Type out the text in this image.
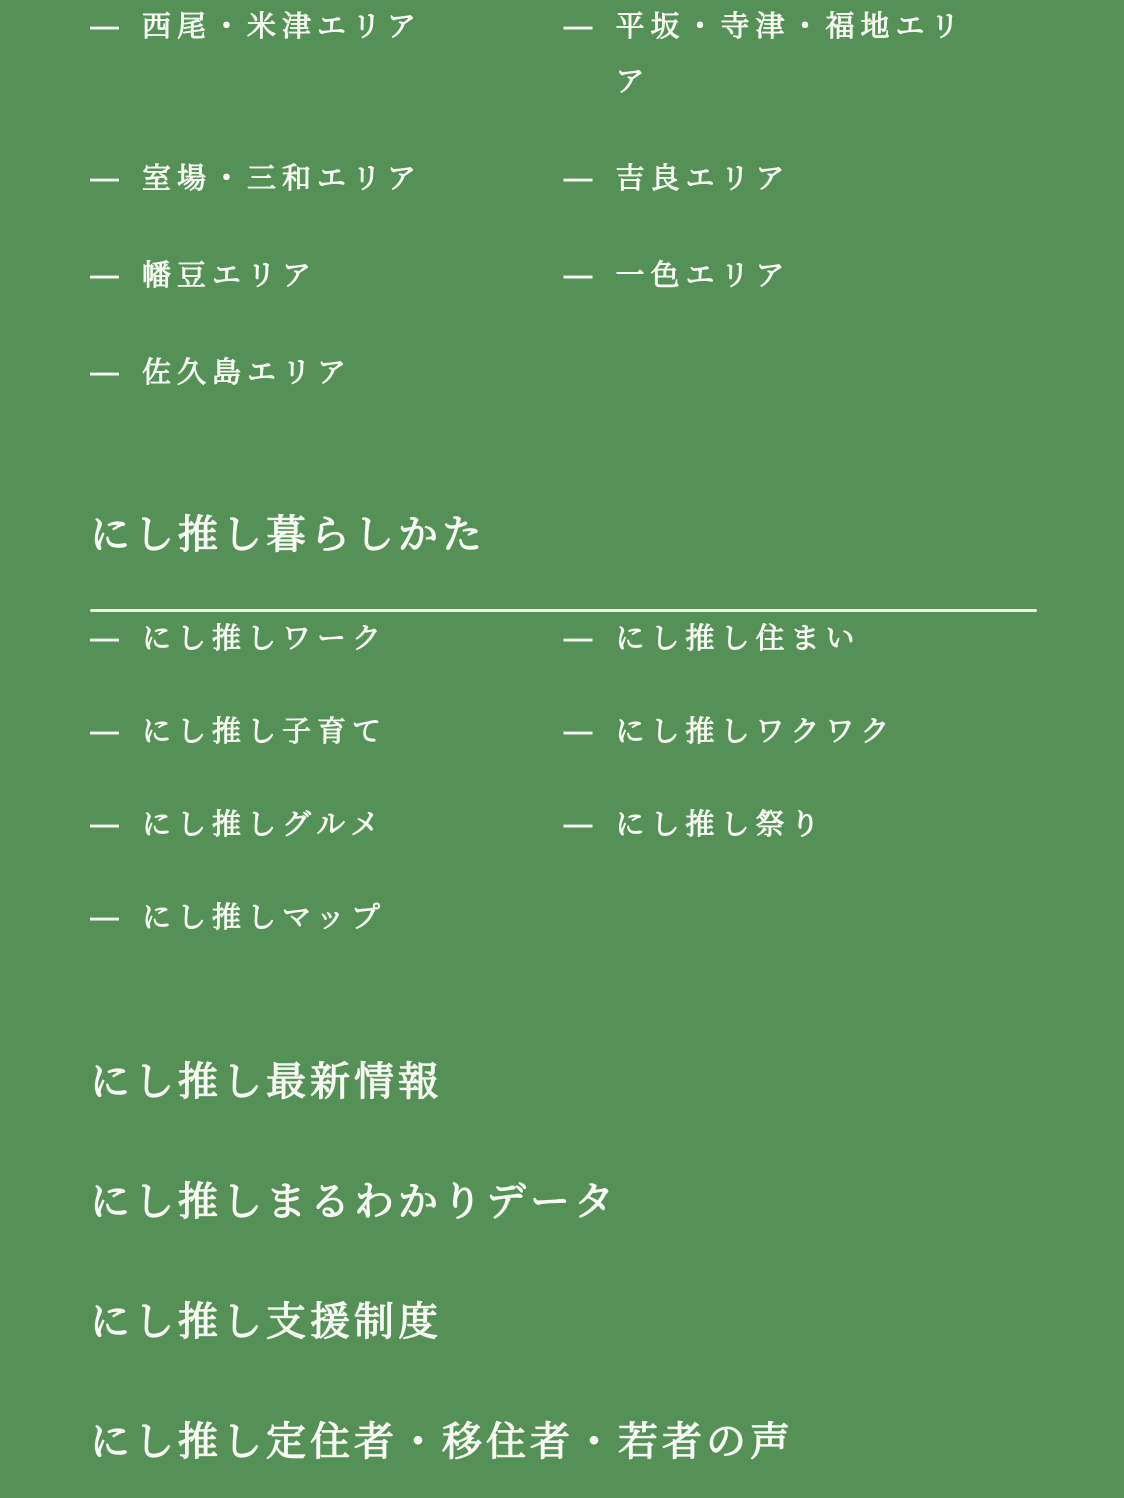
— 西尾・米津エリア	— 平坂・寺津・福地エリア
— 室場・三和エリア	— 吉良エリア
— 幡豆エリア	— 一色エリア
— 佐久島エリア
にし推し暮らしかた
— にし推しワーク	— にし推し住まい
— にし推し子育て	— にし推しワクワク
— にし推しグルメ	— にし推し祭り
— にし推しマップ
にし推し最新情報
にし推しまるわかりデータ
にし推し支援制度
にし推し定住者・移住者・若者の声
